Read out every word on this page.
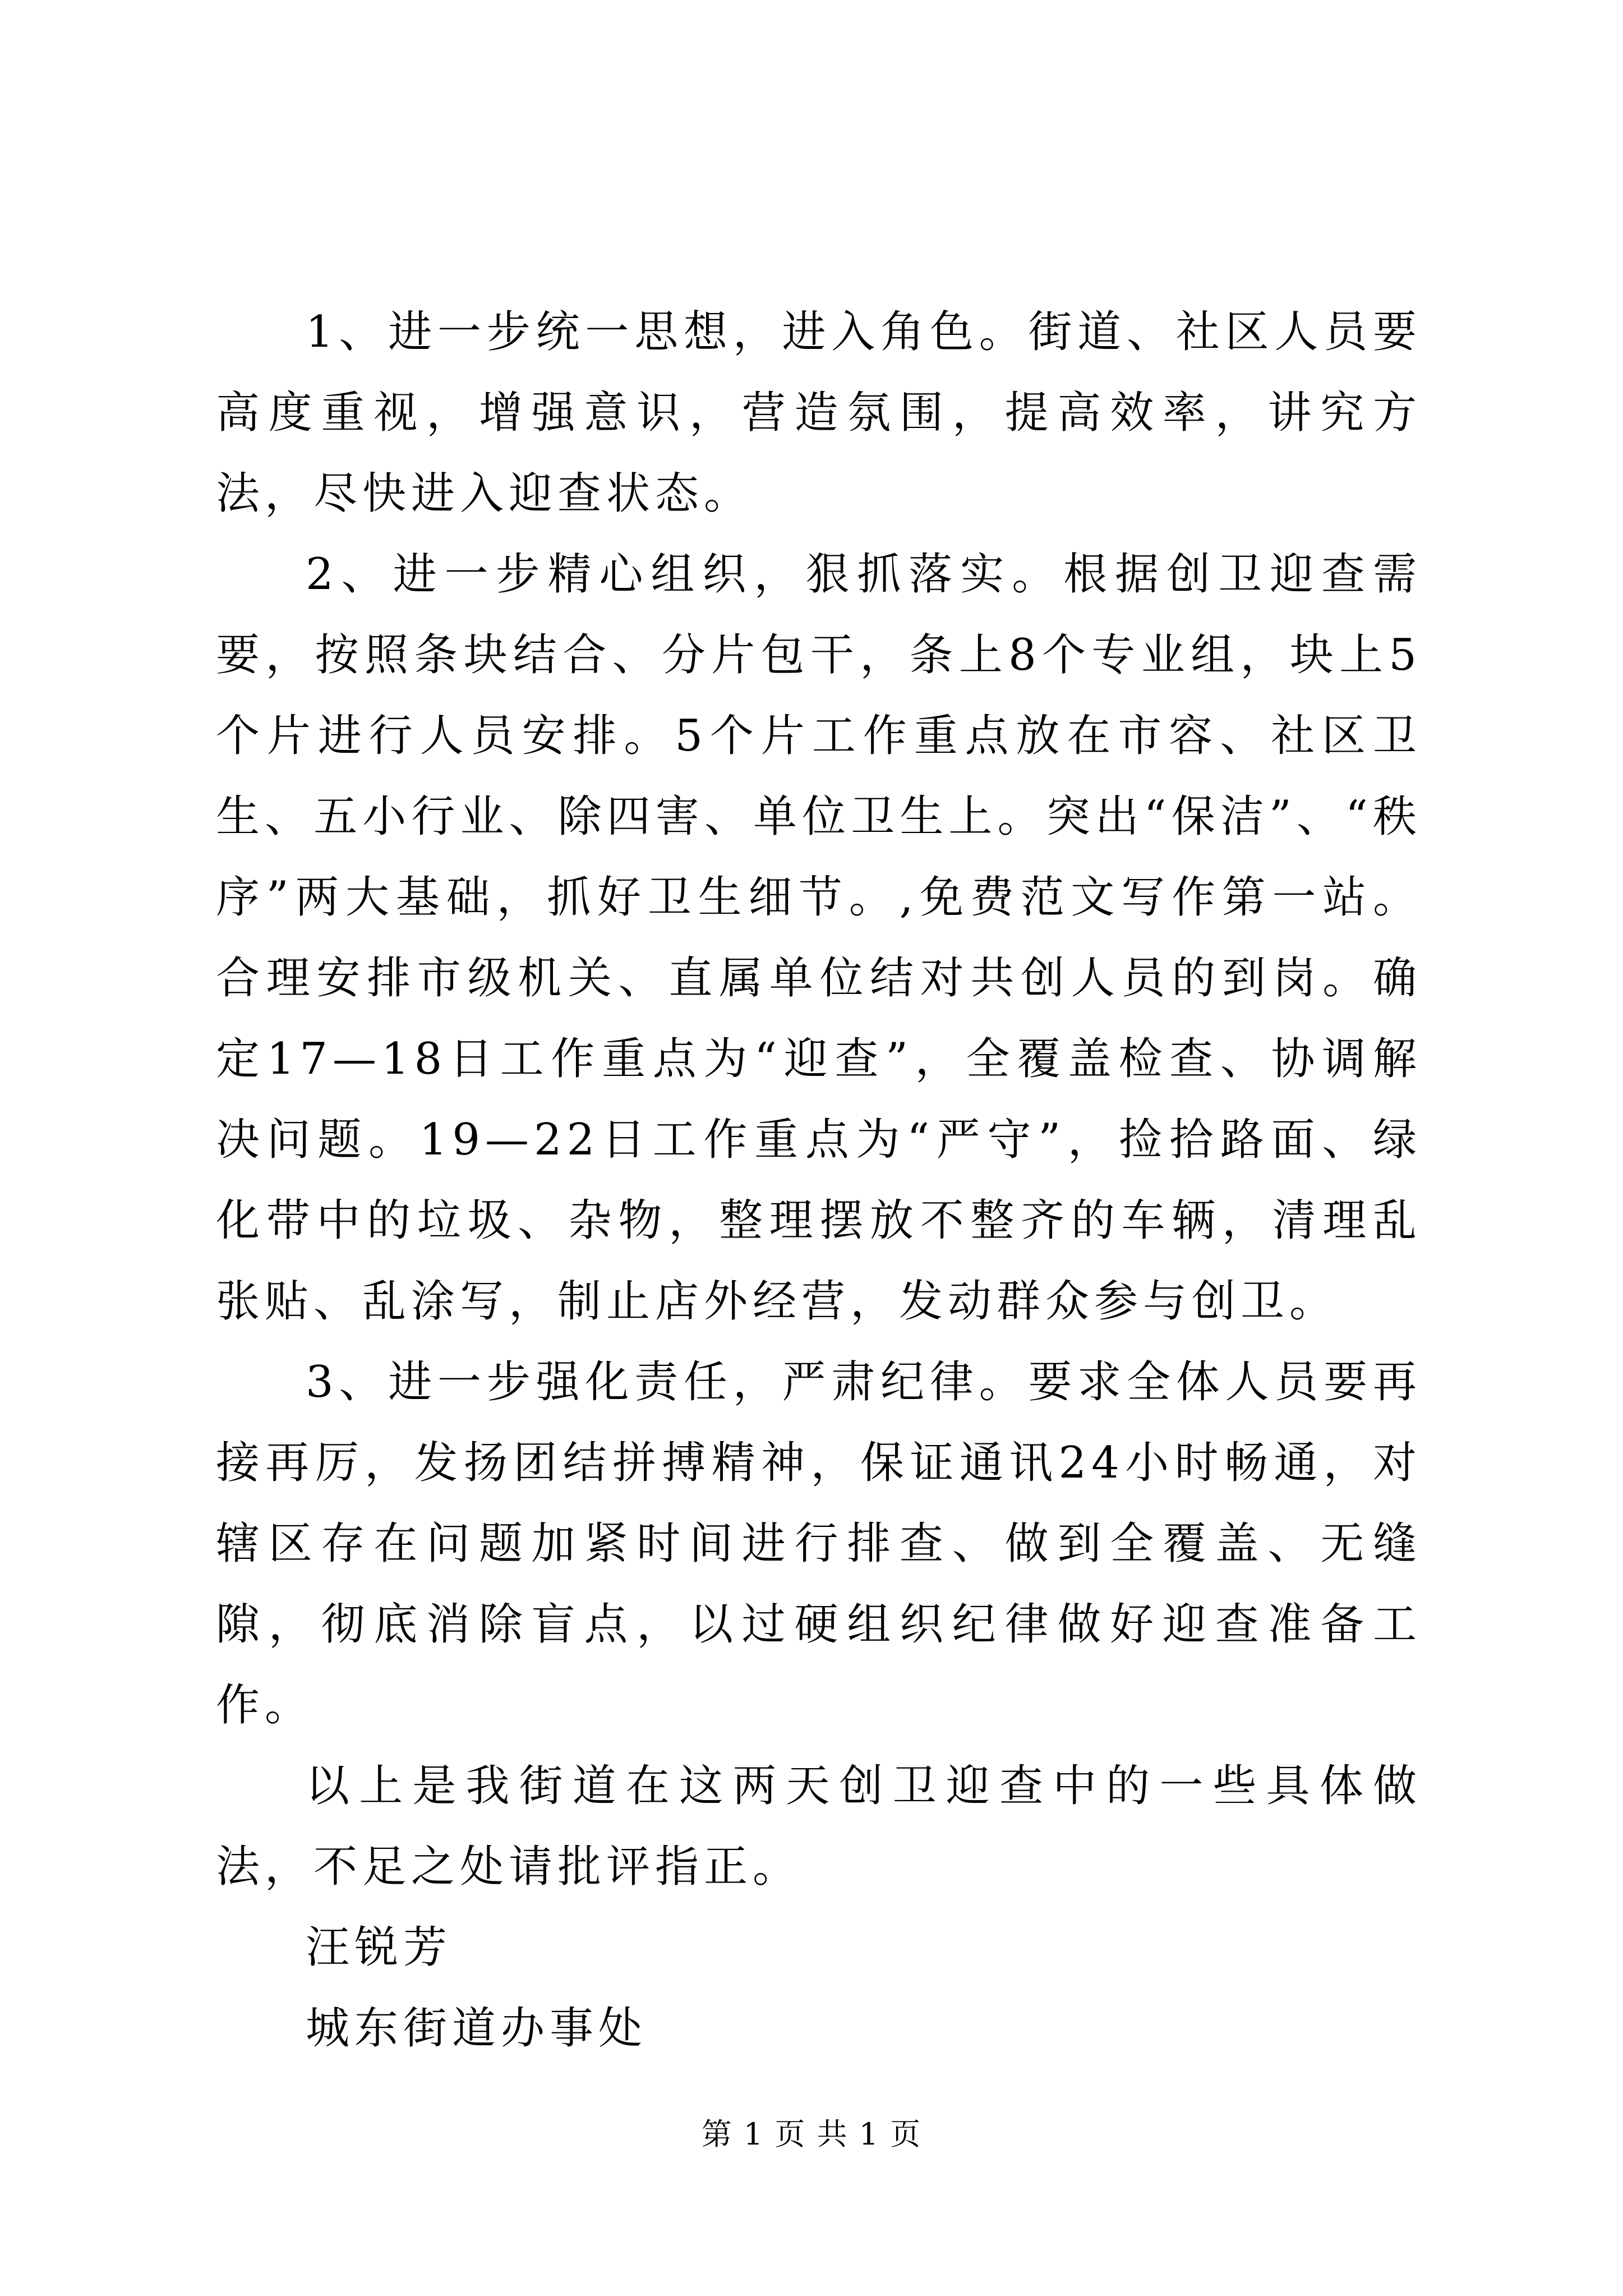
1、进一步统一思想，进入角色。街道、社区人员要高度重视，增强意识，营造氛围，提高效率，讲究方法，尽快进入迎查状态。

2、进一步精心组织，狠抓落实。根据创卫迎查需要，按照条块结合、分片包干，条上8个专业组，块上5个片进行人员安排。5个片工作重点放在市容、社区卫生、五小行业、除四害、单位卫生上。突出“保洁”、“秩序”两大基础，抓好卫生细节。,免费范文写作第一站。合理安排市级机关、直属单位结对共创人员的到岗。确定17—18日工作重点为“迎查”，全覆盖检查、协调解决问题。19—22日工作重点为“严守”，捡拾路面、绿化带中的垃圾、杂物，整理摆放不整齐的车辆，清理乱张贴、乱涂写，制止店外经营，发动群众参与创卫。

3、进一步强化责任，严肃纪律。要求全体人员要再接再厉，发扬团结拼搏精神，保证通讯24小时畅通，对辖区存在问题加紧时间进行排查、做到全覆盖、无缝隙，彻底消除盲点，以过硬组织纪律做好迎查准备工作。

以上是我街道在这两天创卫迎查中的一些具体做法，不足之处请批评指正。

汪锐芳

城东街道办事处

第 1 页 共 1 页
